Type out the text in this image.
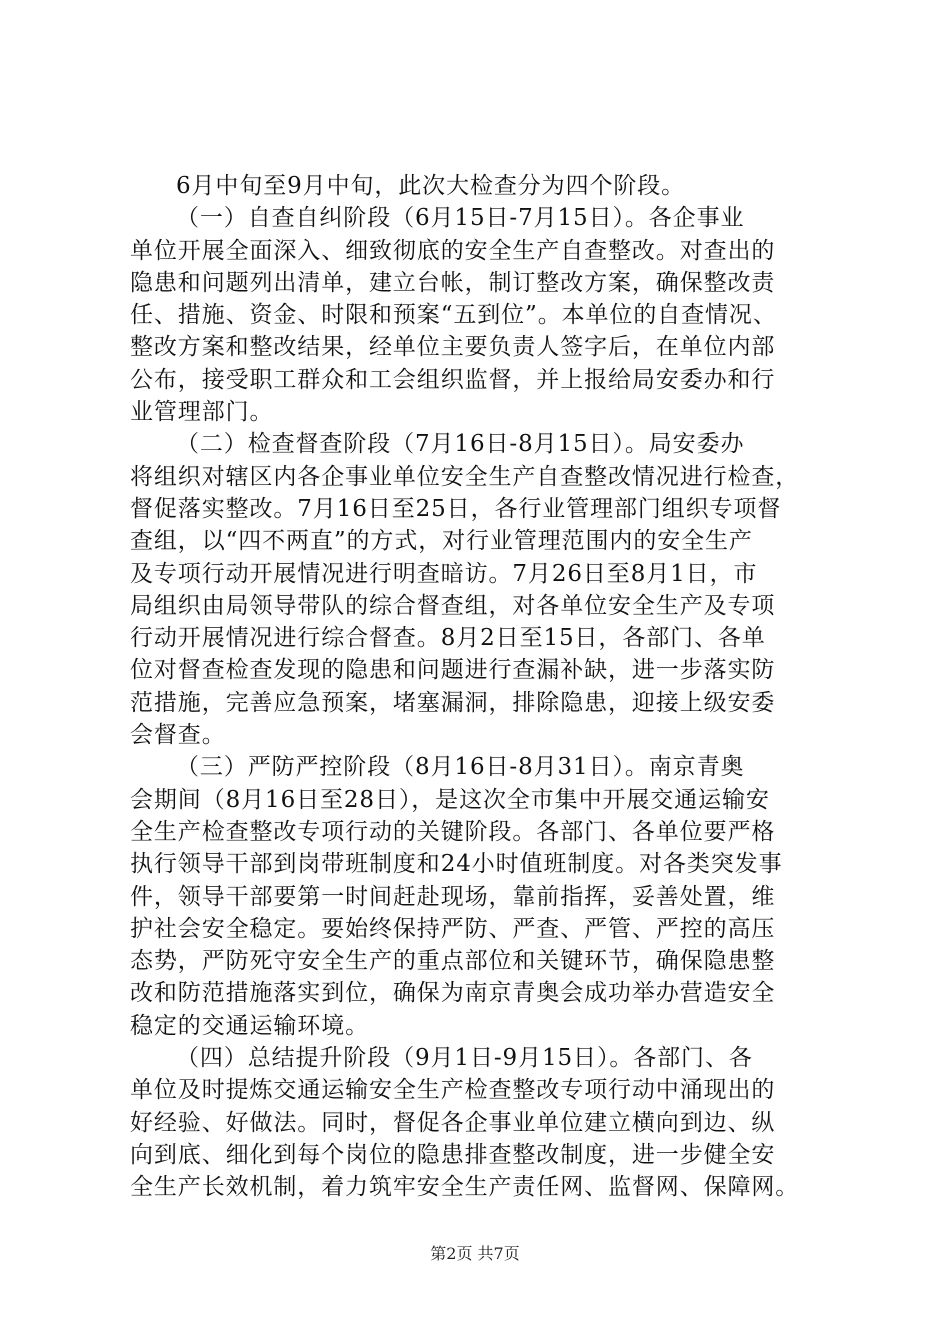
6月中旬至9月中旬，此次大检查分为四个阶段。
（一）自查自纠阶段（6月15日-7月15日）。各企事业
单位开展全面深入、细致彻底的安全生产自查整改。对查出的
隐患和问题列出清单，建立台帐，制订整改方案，确保整改责
任、措施、资金、时限和预案“五到位”。本单位的自查情况、
整改方案和整改结果，经单位主要负责人签字后，在单位内部
公布，接受职工群众和工会组织监督，并上报给局安委办和行
业管理部门。
（二）检查督查阶段（7月16日-8月15日）。局安委办
将组织对辖区内各企事业单位安全生产自查整改情况进行检查，
督促落实整改。7月16日至25日，各行业管理部门组织专项督
查组，以“四不两直”的方式，对行业管理范围内的安全生产
及专项行动开展情况进行明查暗访。7月26日至8月1日，市
局组织由局领导带队的综合督查组，对各单位安全生产及专项
行动开展情况进行综合督查。8月2日至15日，各部门、各单
位对督查检查发现的隐患和问题进行查漏补缺，进一步落实防
范措施，完善应急预案，堵塞漏洞，排除隐患，迎接上级安委
会督查。
（三）严防严控阶段（8月16日-8月31日）。南京青奥
会期间（8月16日至28日），是这次全市集中开展交通运输安
全生产检查整改专项行动的关键阶段。各部门、各单位要严格
执行领导干部到岗带班制度和24小时值班制度。对各类突发事
件，领导干部要第一时间赶赴现场，靠前指挥，妥善处置，维
护社会安全稳定。要始终保持严防、严查、严管、严控的高压
态势，严防死守安全生产的重点部位和关键环节，确保隐患整
改和防范措施落实到位，确保为南京青奥会成功举办营造安全
稳定的交通运输环境。
（四）总结提升阶段（9月1日-9月15日）。各部门、各
单位及时提炼交通运输安全生产检查整改专项行动中涌现出的
好经验、好做法。同时，督促各企事业单位建立横向到边、纵
向到底、细化到每个岗位的隐患排查整改制度，进一步健全安
全生产长效机制，着力筑牢安全生产责任网、监督网、保障网。
第2页 共7页
